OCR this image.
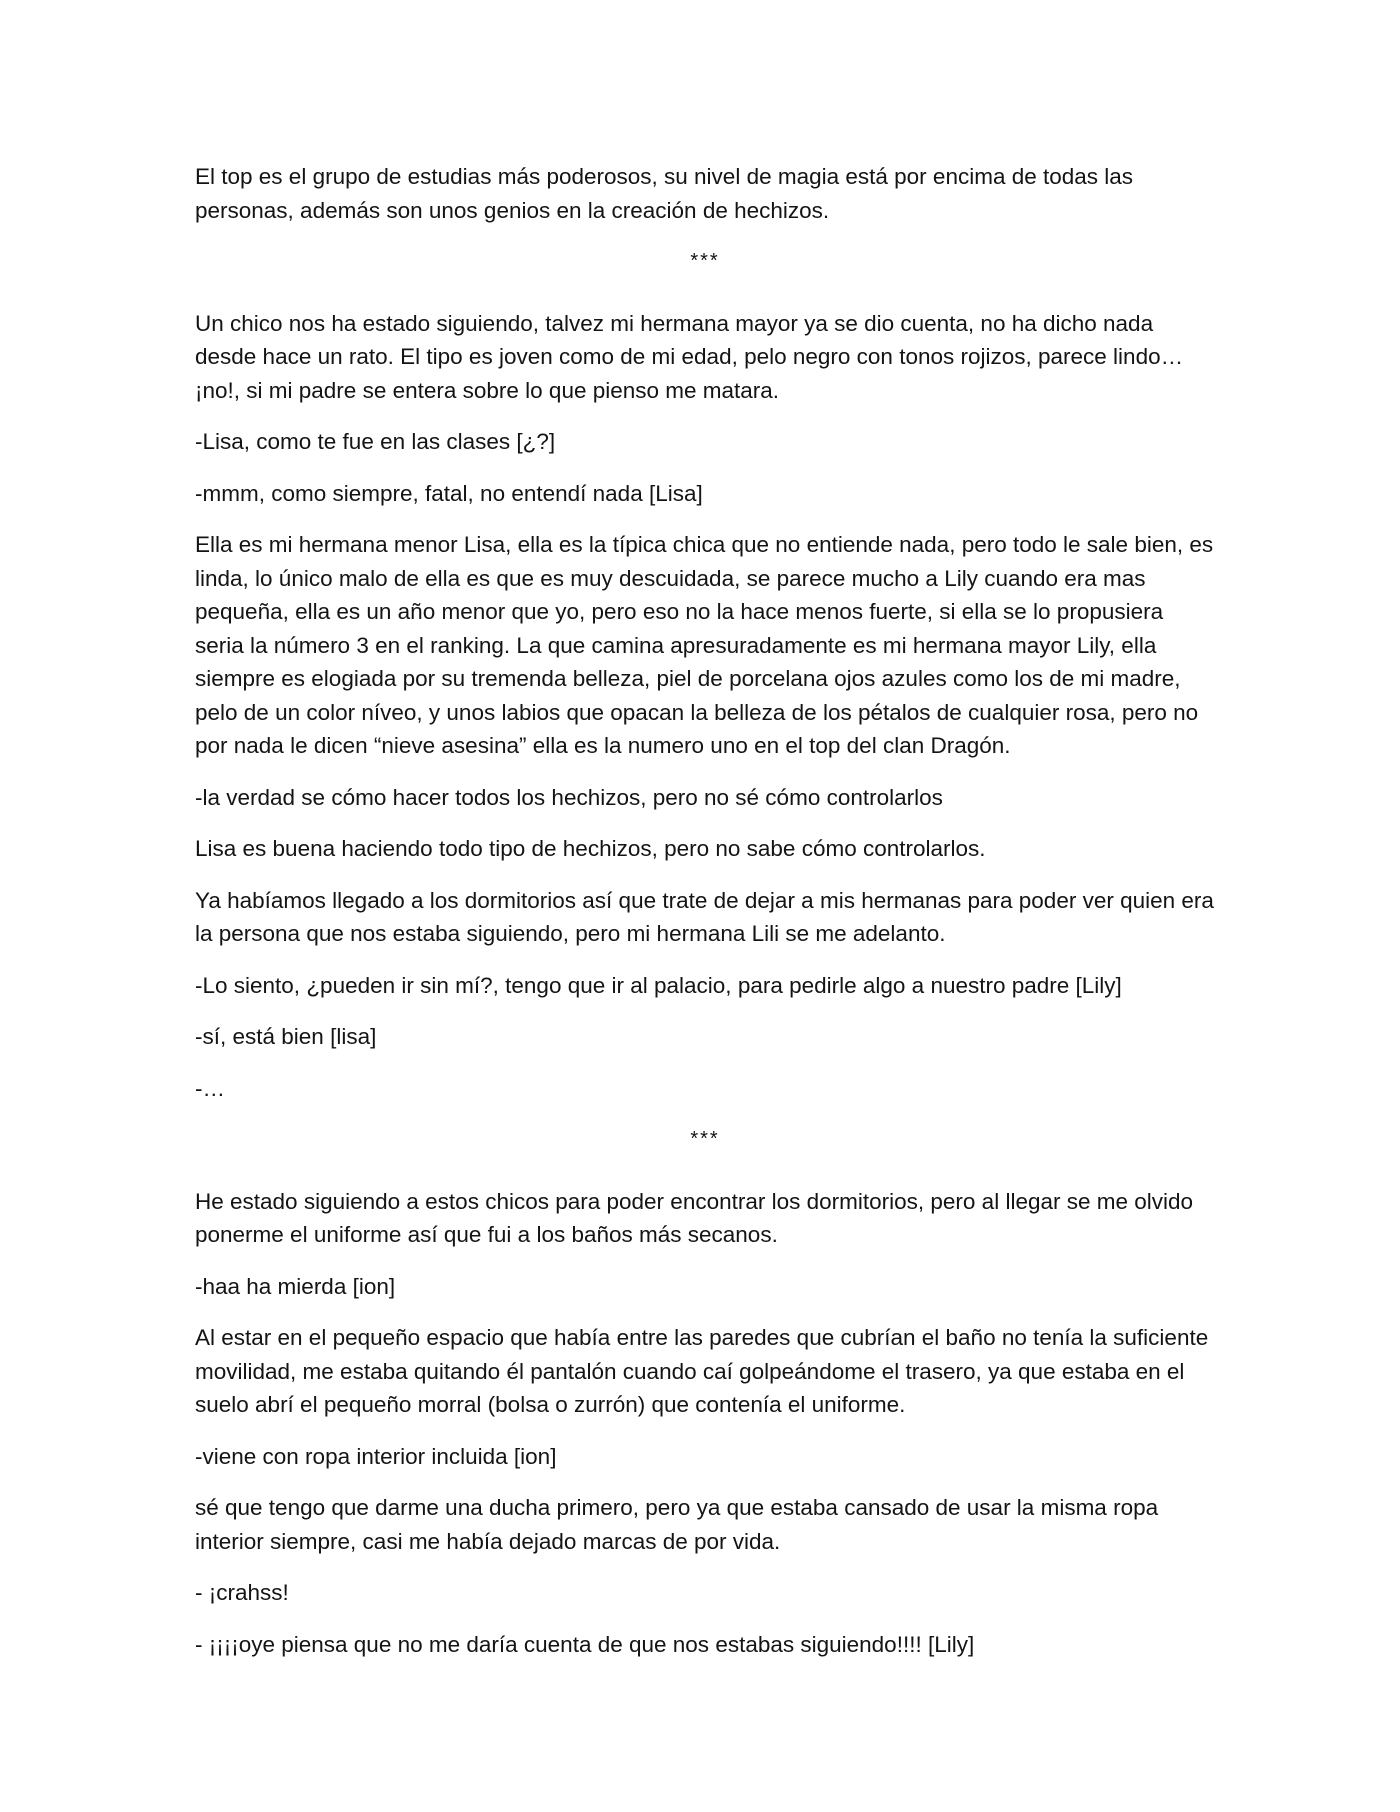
El top es el grupo de estudias más poderosos, su nivel de magia está por encima de todas las personas, además son unos genios en la creación de hechizos.

***

Un chico nos ha estado siguiendo, talvez mi hermana mayor ya se dio cuenta, no ha dicho nada desde hace un rato. El tipo es joven como de mi edad, pelo negro con tonos rojizos, parece lindo… ¡no!, si mi padre se entera sobre lo que pienso me matara.

-Lisa, como te fue en las clases [¿?]

-mmm, como siempre, fatal, no entendí nada [Lisa]

Ella es mi hermana menor Lisa, ella es la típica chica que no entiende nada, pero todo le sale bien, es linda, lo único malo de ella es que es muy descuidada, se parece mucho a Lily cuando era mas pequeña, ella es un año menor que yo, pero eso no la hace menos fuerte, si ella se lo propusiera seria la número 3 en el ranking. La que camina apresuradamente es mi hermana mayor Lily, ella siempre es elogiada por su tremenda belleza, piel de porcelana ojos azules como los de mi madre, pelo de un color níveo, y unos labios que opacan la belleza de los pétalos de cualquier rosa, pero no por nada le dicen “nieve asesina” ella es la numero uno en el top del clan Dragón.

-la verdad se cómo hacer todos los hechizos, pero no sé cómo controlarlos

Lisa es buena haciendo todo tipo de hechizos, pero no sabe cómo controlarlos.

Ya habíamos llegado a los dormitorios así que trate de dejar a mis hermanas para poder ver quien era la persona que nos estaba siguiendo, pero mi hermana Lili se me adelanto.

-Lo siento, ¿pueden ir sin mí?, tengo que ir al palacio, para pedirle algo a nuestro padre [Lily]

-sí, está bien [lisa]

-…

***

He estado siguiendo a estos chicos para poder encontrar los dormitorios, pero al llegar se me olvido ponerme el uniforme así que fui a los baños más secanos.

-haa ha mierda [ion]

Al estar en el pequeño espacio que había entre las paredes que cubrían el baño no tenía la suficiente movilidad, me estaba quitando él pantalón cuando caí golpeándome el trasero, ya que estaba en el suelo abrí el pequeño morral (bolsa o zurrón) que contenía el uniforme.

-viene con ropa interior incluida [ion]

sé que tengo que darme una ducha primero, pero ya que estaba cansado de usar la misma ropa interior siempre, casi me había dejado marcas de por vida.

- ¡crahss!

- ¡¡¡¡oye piensa que no me daría cuenta de que nos estabas siguiendo!!!! [Lily]
